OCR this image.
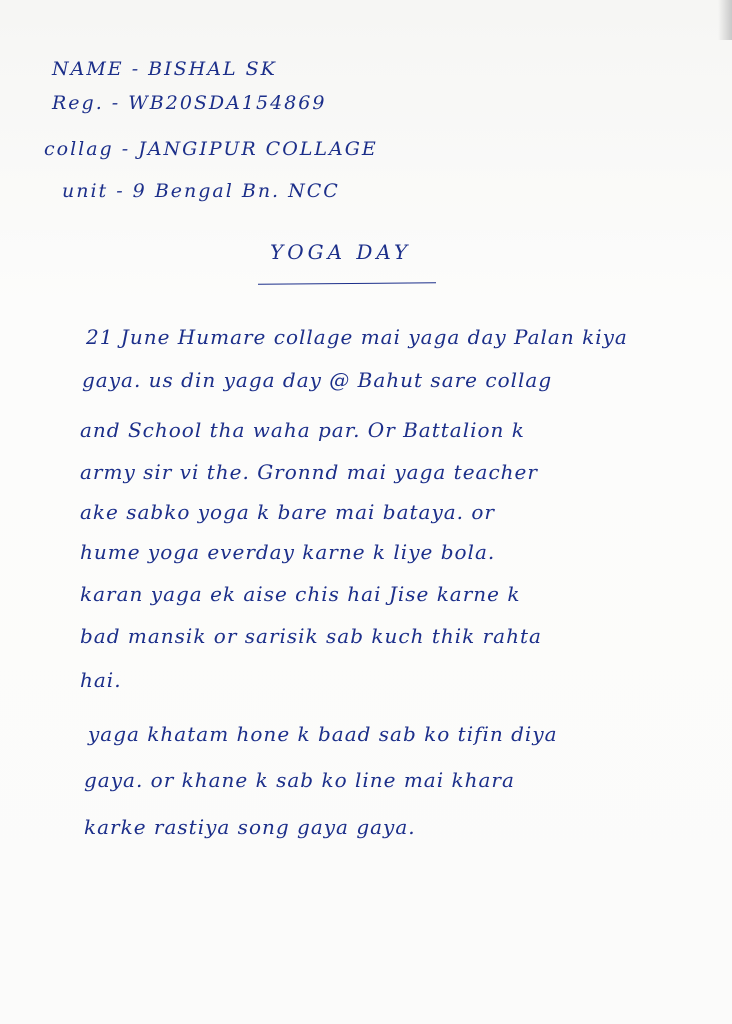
NAME - BISHAL SK
Reg. - WB20SDA154869
collag - JANGIPUR COLLAGE
unit - 9 Bengal Bn. NCC
YOGA DAY
21 June Humare collage mai yaga day Palan kiya
gaya. us din yaga day @ Bahut sare collag
and School tha waha par. Or Battalion k
army sir vi the. Gronnd mai yaga teacher
ake sabko yoga k bare mai bataya. or
hume yoga everday karne k liye bola.
karan yaga ek aise chis hai Jise karne k
bad mansik or sarisik sab kuch thik rahta
hai.
yaga khatam hone k baad sab ko tifin diya
gaya. or khane k sab ko line mai khara
karke rastiya song gaya gaya.
